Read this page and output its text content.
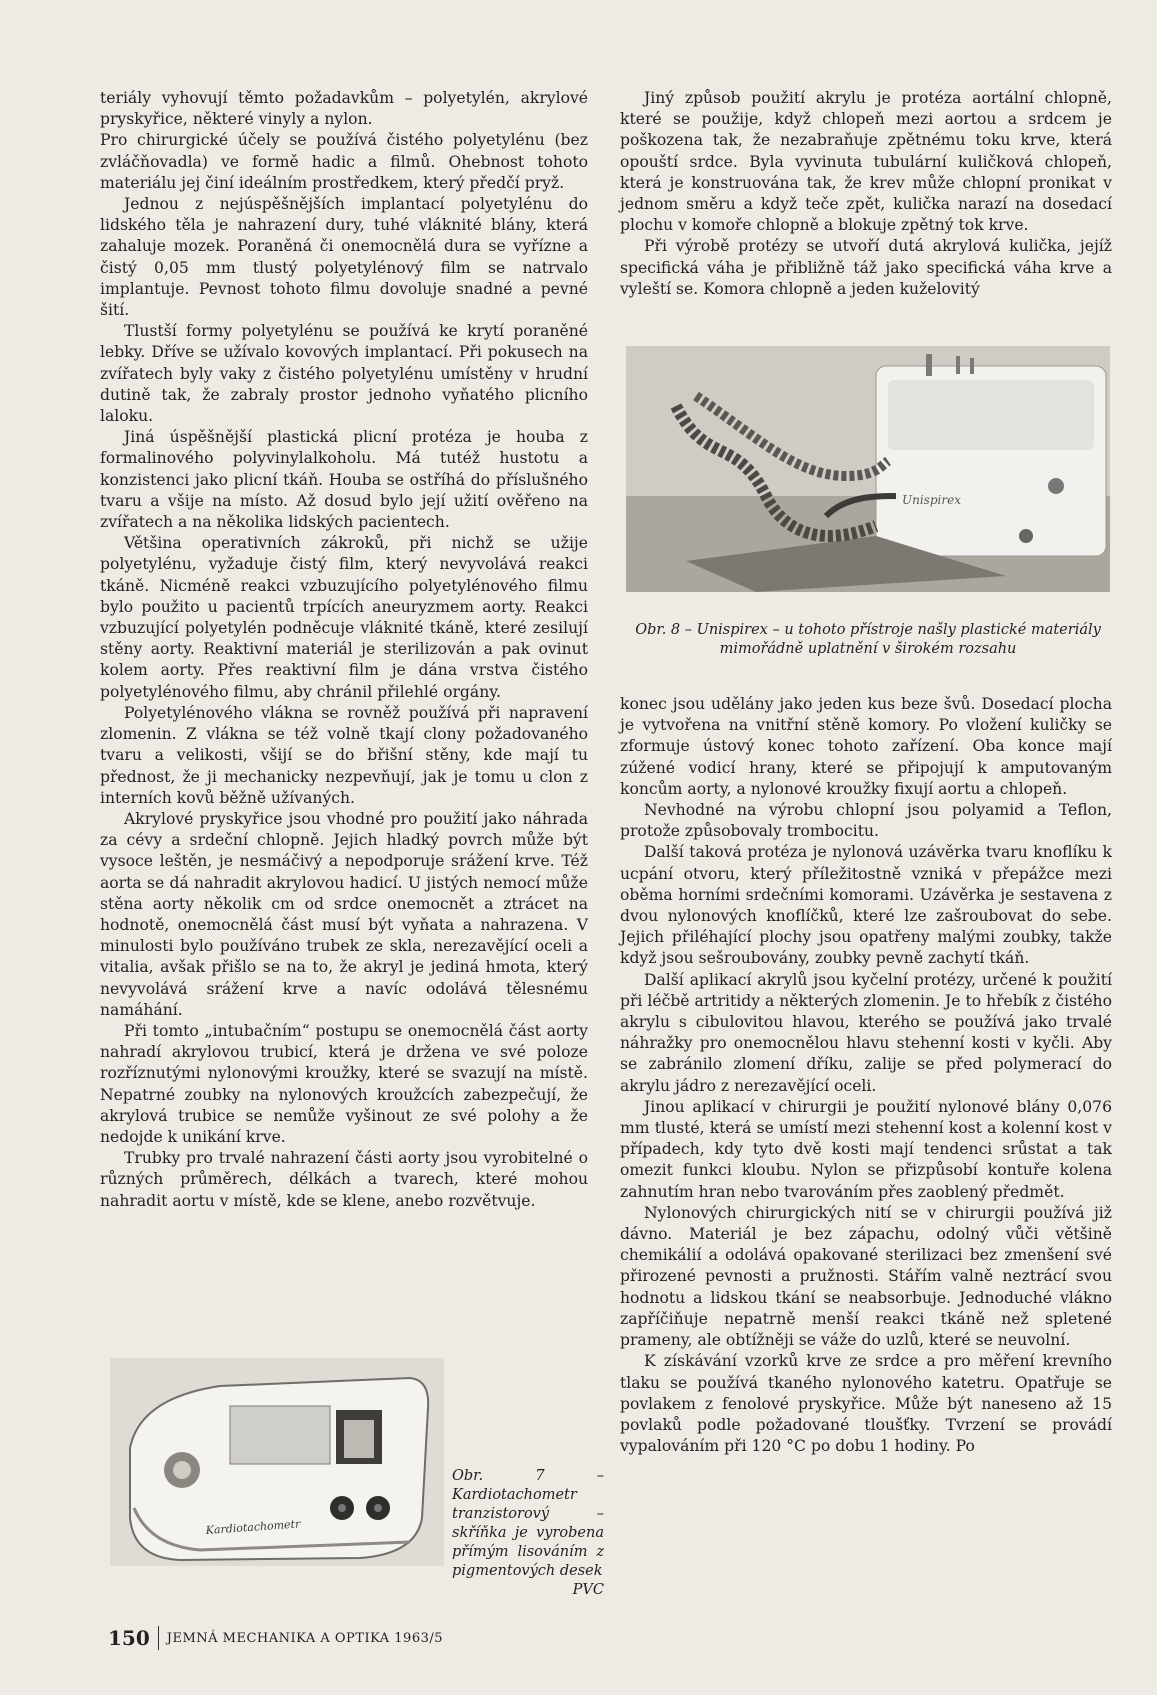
teriály vyhovují těmto požadavkům – polyetylén, akrylové pryskyřice, některé vinyly a nylon.

Pro chirurgické účely se používá čistého polyetylénu (bez zvláčňovadla) ve formě hadic a filmů. Ohebnost tohoto materiálu jej činí ideálním prostředkem, který předčí pryž.

Jednou z nejúspěšnějších implantací polyetylénu do lidského těla je nahrazení dury, tuhé vláknité blány, která zahaluje mozek. Poraněná či onemocnělá dura se vyřízne a čistý 0,05 mm tlustý polyetylénový film se natrvalo implantuje. Pevnost tohoto filmu dovoluje snadné a pevné šití.

Tlustší formy polyetylénu se používá ke krytí poraněné lebky. Dříve se užívalo kovových implantací. Při pokusech na zvířatech byly vaky z čistého polyetylénu umístěny v hrudní dutině tak, že zabraly prostor jednoho vyňatého plicního laloku.

Jiná úspěšnější plastická plicní protéza je houba z formalinového polyvinylalkoholu. Má tutéž hustotu a konzistenci jako plicní tkáň. Houba se ostříhá do příslušného tvaru a všije na místo. Až dosud bylo její užití ověřeno na zvířatech a na několika lidských pacientech.

Většina operativních zákroků, při nichž se užije polyetylénu, vyžaduje čistý film, který nevyvolává reakci tkáně. Nicméně reakci vzbuzujícího polyetylénového filmu bylo použito u pacientů trpících aneuryzmem aorty. Reakci vzbuzující polyetylén podněcuje vláknité tkáně, které zesilují stěny aorty. Reaktivní materiál je sterilizován a pak ovinut kolem aorty. Přes reaktivní film je dána vrstva čistého polyetylénového filmu, aby chránil přilehlé orgány.

Polyetylénového vlákna se rovněž používá při napravení zlomenin. Z vlákna se též volně tkají clony požadovaného tvaru a velikosti, všijí se do břišní stěny, kde mají tu přednost, že ji mechanicky nezpevňují, jak je tomu u clon z interních kovů běžně užívaných.

Akrylové pryskyřice jsou vhodné pro použití jako náhrada za cévy a srdeční chlopně. Jejich hladký povrch může být vysoce leštěn, je nesmáčivý a nepodporuje srážení krve. Též aorta se dá nahradit akrylovou hadicí. U jistých nemocí může stěna aorty několik cm od srdce onemocnět a ztrácet na hodnotě, onemocnělá část musí být vyňata a nahrazena. V minulosti bylo používáno trubek ze skla, nerezavějící oceli a vitalia, avšak přišlo se na to, že akryl je jediná hmota, který nevyvolává srážení krve a navíc odolává tělesnému namáhání.

Při tomto „intubačním“ postupu se onemocnělá část aorty nahradí akrylovou trubicí, která je držena ve své poloze rozříznutými nylonovými kroužky, které se svazují na místě. Nepatrné zoubky na nylonových kroužcích zabezpečují, že akrylová trubice se nemůže vyšinout ze své polohy a že nedojde k unikání krve.

Trubky pro trvalé nahrazení části aorty jsou vyrobitelné o různých průměrech, délkách a tvarech, které mohou nahradit aortu v místě, kde se klene, anebo rozvětvuje.

Jiný způsob použití akrylu je protéza aortální chlopně, které se použije, když chlopeň mezi aortou a srdcem je poškozena tak, že nezabraňuje zpětnému toku krve, která opouští srdce. Byla vyvinuta tubulární kuličková chlopeň, která je konstruována tak, že krev může chlopní pronikat v jednom směru a když teče zpět, kulička narazí na dosedací plochu v komoře chlopně a blokuje zpětný tok krve.

Při výrobě protézy se utvoří dutá akrylová kulička, jejíž specifická váha je přibližně táž jako specifická váha krve a vyleští se. Komora chlopně a jeden kuželovitý

Unispirex
Obr. 8 – Unispirex – u tohoto přístroje našly plastické materiály
mimořádně uplatnění v širokém rozsahu

konec jsou udělány jako jeden kus beze švů. Dosedací plocha je vytvořena na vnitřní stěně komory. Po vložení kuličky se zformuje ústový konec tohoto zařízení. Oba konce mají zúžené vodicí hrany, které se připojují k amputovaným koncům aorty, a nylonové kroužky fixují aortu a chlopeň.

Nevhodné na výrobu chlopní jsou polyamid a Teflon, protože způsobovaly trombocitu.

Další taková protéza je nylonová uzávěrka tvaru knoflíku k ucpání otvoru, který příležitostně vzniká v přepážce mezi oběma horními srdečními komorami. Uzávěrka je sestavena z dvou nylonových knoflíčků, které lze zašroubovat do sebe. Jejich přiléhající plochy jsou opatřeny malými zoubky, takže když jsou sešroubovány, zoubky pevně zachytí tkáň.

Další aplikací akrylů jsou kyčelní protézy, určené k použití při léčbě artritidy a některých zlomenin. Je to hřebík z čistého akrylu s cibulovitou hlavou, kterého se používá jako trvalé náhražky pro onemocnělou hlavu stehenní kosti v kyčli. Aby se zabránilo zlomení dříku, zalije se před polymerací do akrylu jádro z nerezavějící oceli.

Jinou aplikací v chirurgii je použití nylonové blány 0,076 mm tlusté, která se umístí mezi stehenní kost a kolenní kost v případech, kdy tyto dvě kosti mají tendenci srůstat a tak omezit funkci kloubu. Nylon se přizpůsobí kontuře kolena zahnutím hran nebo tvarováním přes zaoblený předmět.

Nylonových chirurgických nití se v chirurgii používá již dávno. Materiál je bez zápachu, odolný vůči většině chemikálií a odolává opakované sterilizaci bez zmenšení své přirozené pevnosti a pružnosti. Stářím valně neztrácí svou hodnotu a lidskou tkání se neabsorbuje. Jednoduché vlákno zapříčiňuje nepatrně menší reakci tkáně než spletené prameny, ale obtížněji se váže do uzlů, které se neuvolní.

K získávání vzorků krve ze srdce a pro měření krevního tlaku se používá tkaného nylonového katetru. Opatřuje se povlakem z fenolové pryskyřice. Může být naneseno až 15 povlaků podle požadované tloušťky. Tvrzení se provádí vypalováním při 120 °C po dobu 1 hodiny. Po

Kardiotachometr
Obr. 7 – Kardiotachometr tranzistorový – skříňka je vyrobena přímým lisováním z pigmentových desek
PVC
150 JEMNÁ MECHANIKA A OPTIKA 1963/5
